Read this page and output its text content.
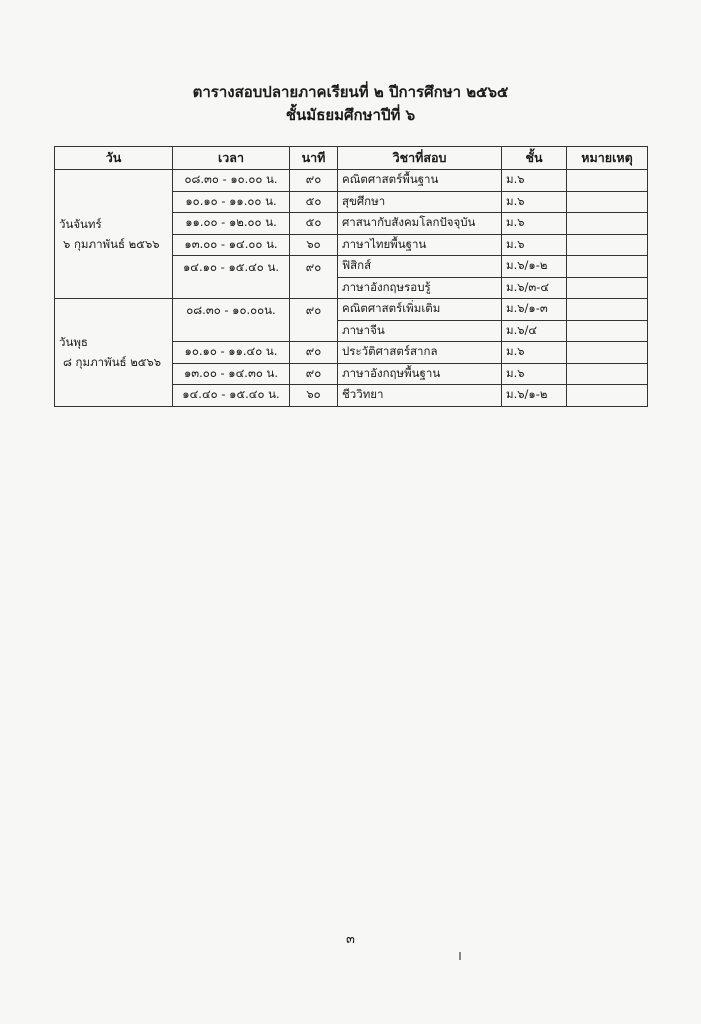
ตารางสอบปลายภาคเรียนที่ ๒ ปีการศึกษา ๒๕๖๕
ชั้นมัธยมศึกษาปีที่ ๖
วัน	เวลา	นาที	วิชาที่สอบ	ชั้น	หมายเหตุ

วันจันทร์
๖ กุมภาพันธ์ ๒๕๖๖	๐๘.๓๐ - ๑๐.๐๐ น.	๙๐	คณิตศาสตร์พื้นฐาน	ม.๖	
	๑๐.๑๐ - ๑๑.๐๐ น.	๕๐	สุขศึกษา	ม.๖	
	๑๑.๐๐ - ๑๒.๐๐ น.	๕๐	ศาสนากับสังคมโลกปัจจุบัน	ม.๖	
	๑๓.๐๐ - ๑๔.๐๐ น.	๖๐	ภาษาไทยพื้นฐาน	ม.๖	
	๑๔.๑๐ - ๑๕.๔๐ น.	๙๐	ฟิสิกส์	ม.๖/๑-๒	
			ภาษาอังกฤษรอบรู้	ม.๖/๓-๔	

วันพุธ
๘ กุมภาพันธ์ ๒๕๖๖	๐๘.๓๐ - ๑๐.๐๐น.	๙๐	คณิตศาสตร์เพิ่มเติม	ม.๖/๑-๓	
			ภาษาจีน	ม.๖/๔	
	๑๐.๑๐ - ๑๑.๔๐ น.	๙๐	ประวัติศาสตร์สากล	ม.๖	
	๑๓.๐๐ - ๑๔.๓๐ น.	๙๐	ภาษาอังกฤษพื้นฐาน	ม.๖	
	๑๔.๔๐ - ๑๕.๔๐ น.	๖๐	ชีววิทยา	ม.๖/๑-๒	
๓
